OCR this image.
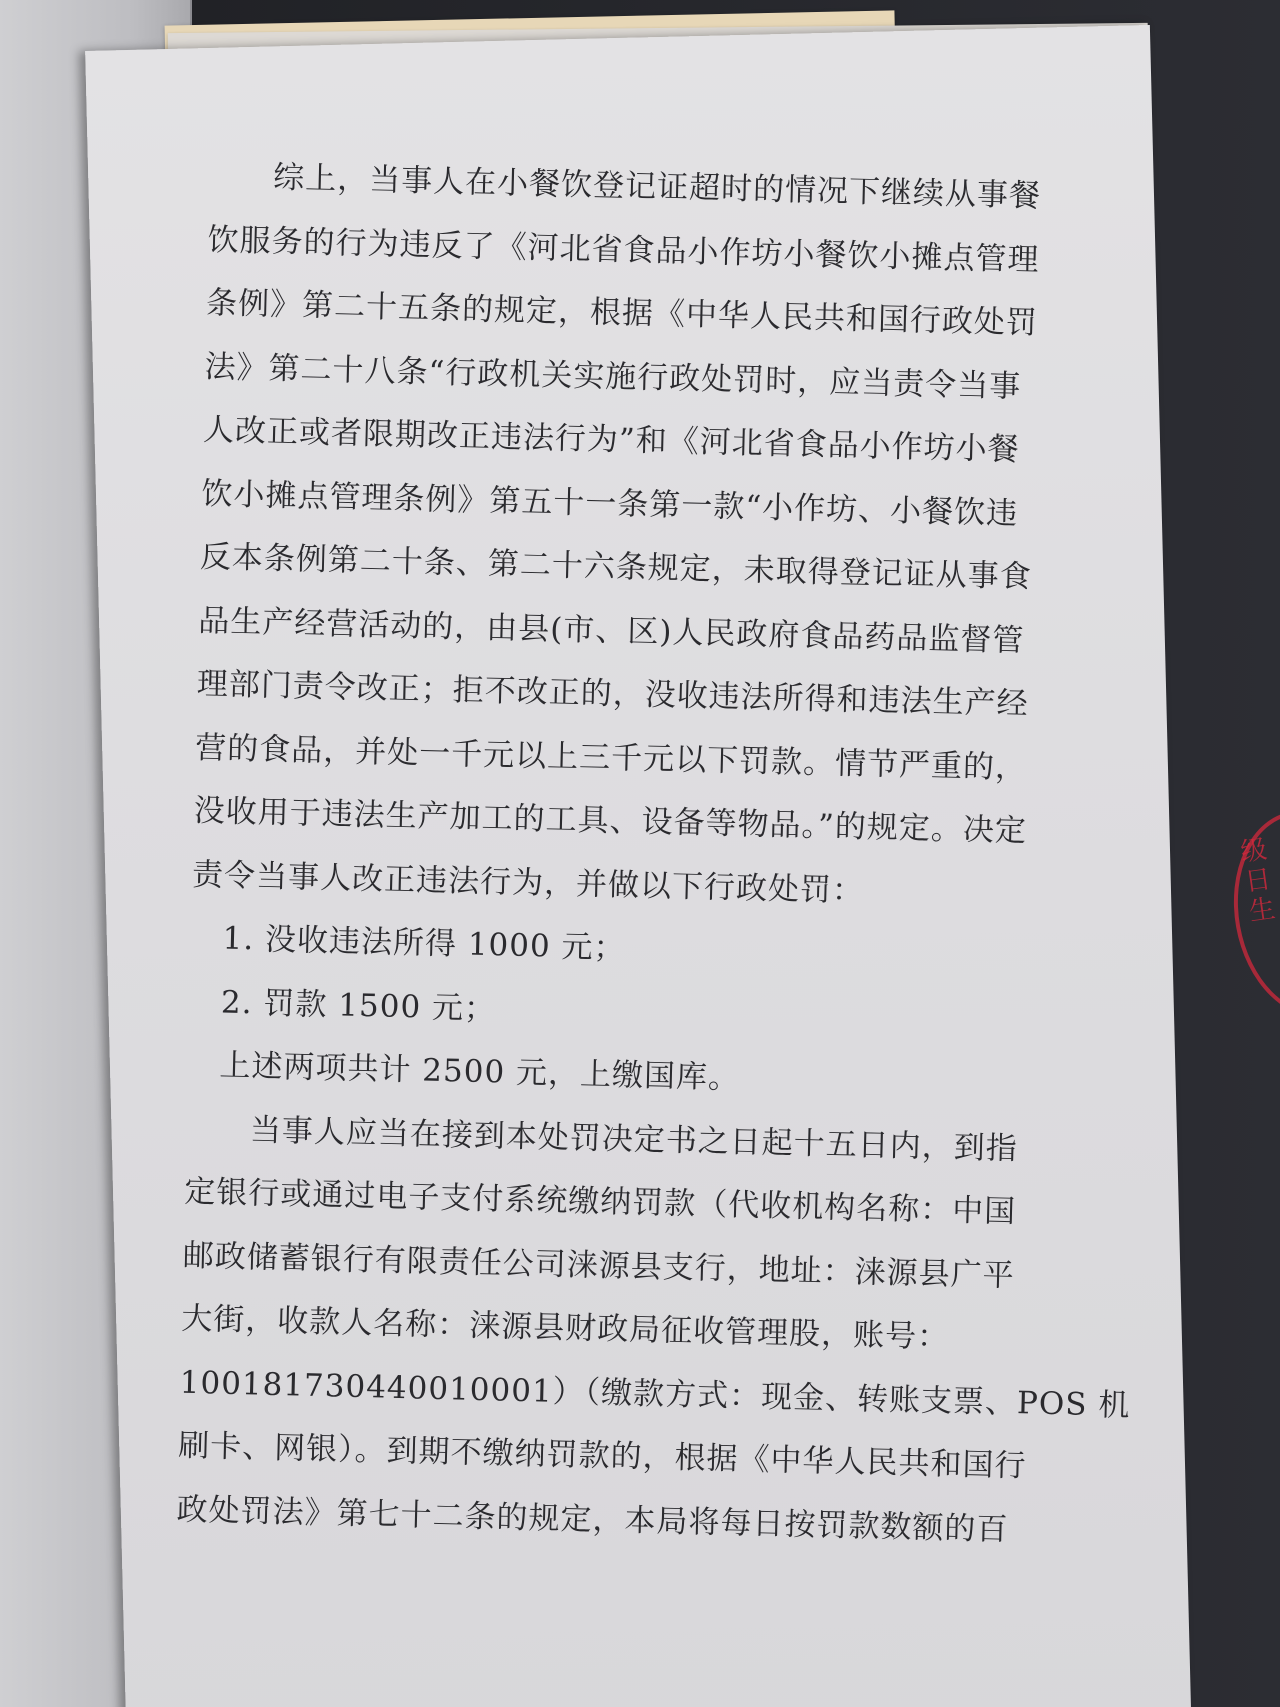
综上，当事人在小餐饮登记证超时的情况下继续从事餐

饮服务的行为违反了《河北省食品小作坊小餐饮小摊点管理

条例》第二十五条的规定，根据《中华人民共和国行政处罚

法》第二十八条“行政机关实施行政处罚时，应当责令当事

人改正或者限期改正违法行为”和《河北省食品小作坊小餐

饮小摊点管理条例》第五十一条第一款“小作坊、小餐饮违

反本条例第二十条、第二十六条规定，未取得登记证从事食

品生产经营活动的，由县(市、区)人民政府食品药品监督管

理部门责令改正；拒不改正的，没收违法所得和违法生产经

营的食品，并处一千元以上三千元以下罚款。情节严重的，

没收用于违法生产加工的工具、设备等物品。”的规定。决定

责令当事人改正违法行为，并做以下行政处罚：

1. 没收违法所得 1000 元；

2. 罚款 1500 元；

上述两项共计 2500 元，上缴国库。

当事人应当在接到本处罚决定书之日起十五日内，到指

定银行或通过电子支付系统缴纳罚款（代收机构名称：中国

邮政储蓄银行有限责任公司涞源县支行，地址：涞源县广平

大街，收款人名称：涞源县财政局征收管理股，账号：

100181730440010001）（缴款方式：现金、转账支票、POS 机

刷卡、网银）。到期不缴纳罚款的，根据《中华人民共和国行

政处罚法》第七十二条的规定，本局将每日按罚款数额的百

级日生
